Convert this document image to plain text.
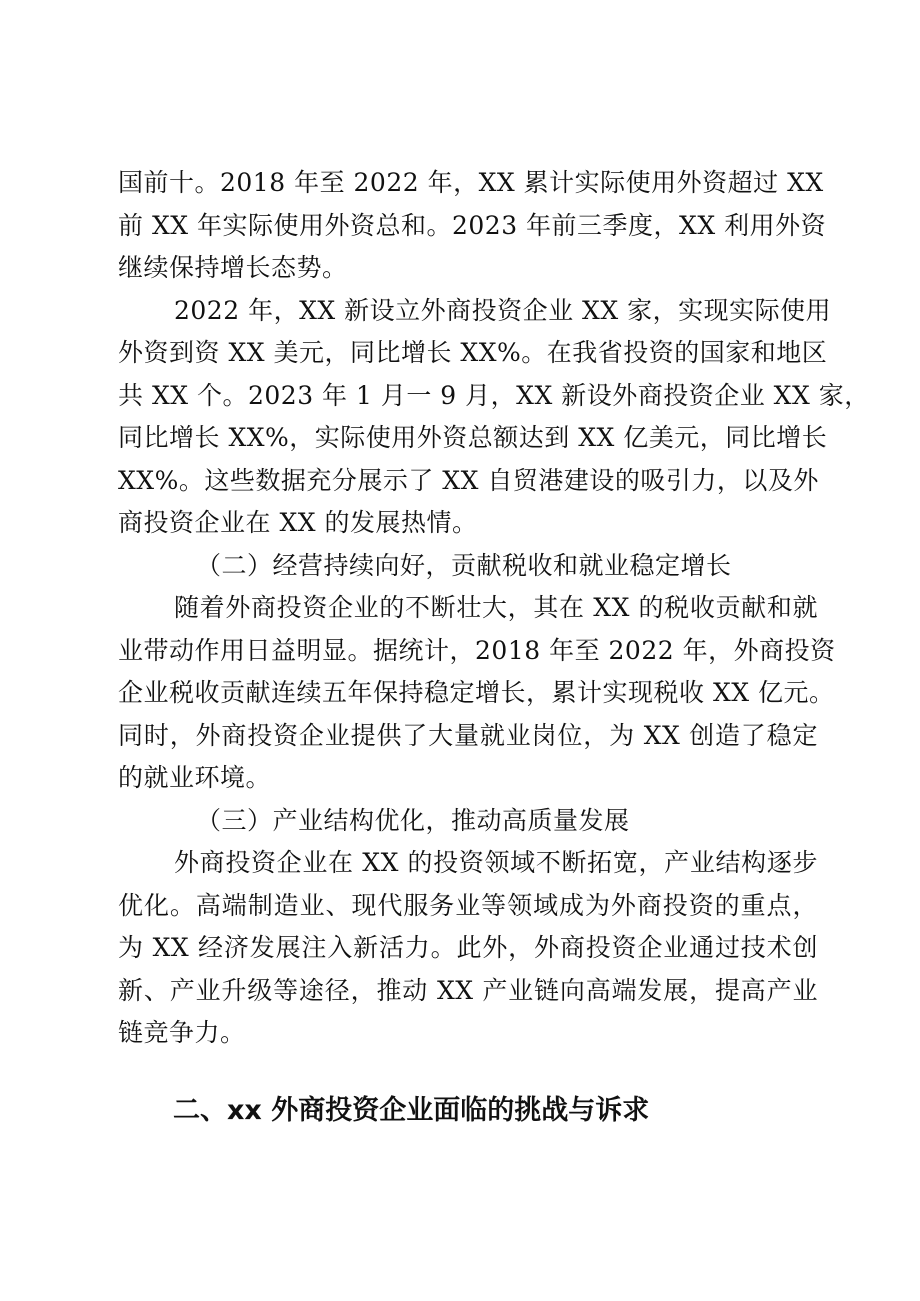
国前十。2018 年至 2022 年，XX 累计实际使用外资超过 XX
前 XX 年实际使用外资总和。2023 年前三季度，XX 利用外资
继续保持增长态势。
2022 年，XX 新设立外商投资企业 XX 家，实现实际使用
外资到资 XX 美元，同比增长 XX%。在我省投资的国家和地区
共 XX 个。2023 年 1 月一 9 月，XX 新设外商投资企业 XX 家，
同比增长 XX%，实际使用外资总额达到 XX 亿美元，同比增长
XX%。这些数据充分展示了 XX 自贸港建设的吸引力，以及外
商投资企业在 XX 的发展热情。
（二）经营持续向好，贡献税收和就业稳定增长
随着外商投资企业的不断壮大，其在 XX 的税收贡献和就
业带动作用日益明显。据统计，2018 年至 2022 年，外商投资
企业税收贡献连续五年保持稳定增长，累计实现税收 XX 亿元。
同时，外商投资企业提供了大量就业岗位，为 XX 创造了稳定
的就业环境。
（三）产业结构优化，推动高质量发展
外商投资企业在 XX 的投资领域不断拓宽，产业结构逐步
优化。高端制造业、现代服务业等领域成为外商投资的重点，
为 XX 经济发展注入新活力。此外，外商投资企业通过技术创
新、产业升级等途径，推动 XX 产业链向高端发展，提高产业
链竞争力。
二、xx 外商投资企业面临的挑战与诉求
